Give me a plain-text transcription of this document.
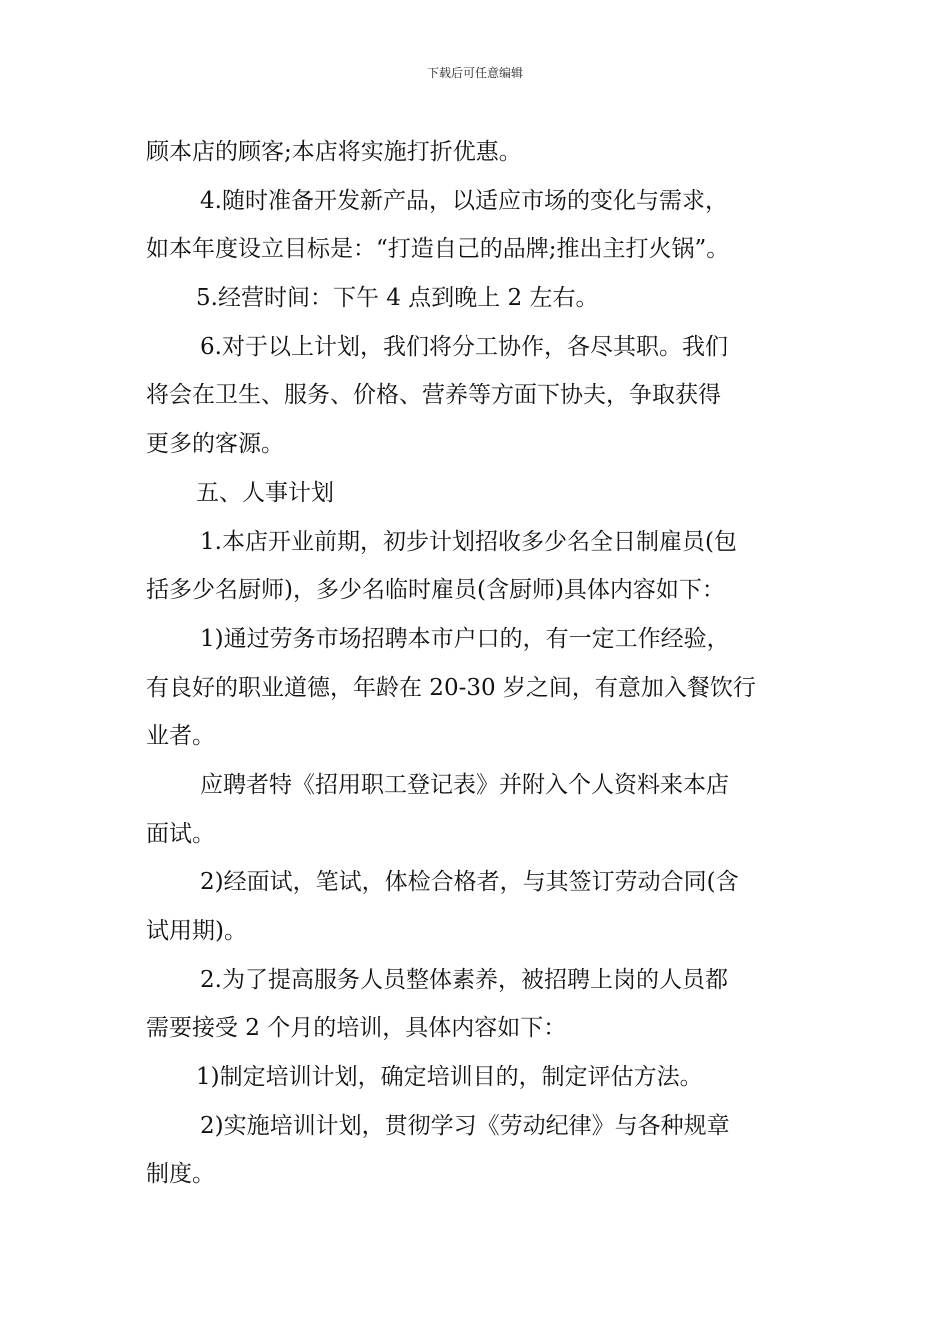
下载后可任意编辑
顾本店的顾客;本店将实施打折优惠。
4.随时准备开发新产品，以适应市场的变化与需求，
如本年度设立目标是：“打造自己的品牌;推出主打火锅”。
5.经营时间：下午 4 点到晚上 2 左右。
6.对于以上计划，我们将分工协作，各尽其职。我们
将会在卫生、服务、价格、营养等方面下协夫，争取获得
更多的客源。
五、人事计划
1.本店开业前期，初步计划招收多少名全日制雇员(包
括多少名厨师)，多少名临时雇员(含厨师)具体内容如下：
1)通过劳务市场招聘本市户口的，有一定工作经验，
有良好的职业道德，年龄在 20-30 岁之间，有意加入餐饮行
业者。
应聘者特《招用职工登记表》并附入个人资料来本店
面试。
2)经面试，笔试，体检合格者，与其签订劳动合同(含
试用期)。
2.为了提高服务人员整体素养，被招聘上岗的人员都
需要接受 2 个月的培训，具体内容如下：
1)制定培训计划，确定培训目的，制定评估方法。
2)实施培训计划，贯彻学习《劳动纪律》与各种规章
制度。
